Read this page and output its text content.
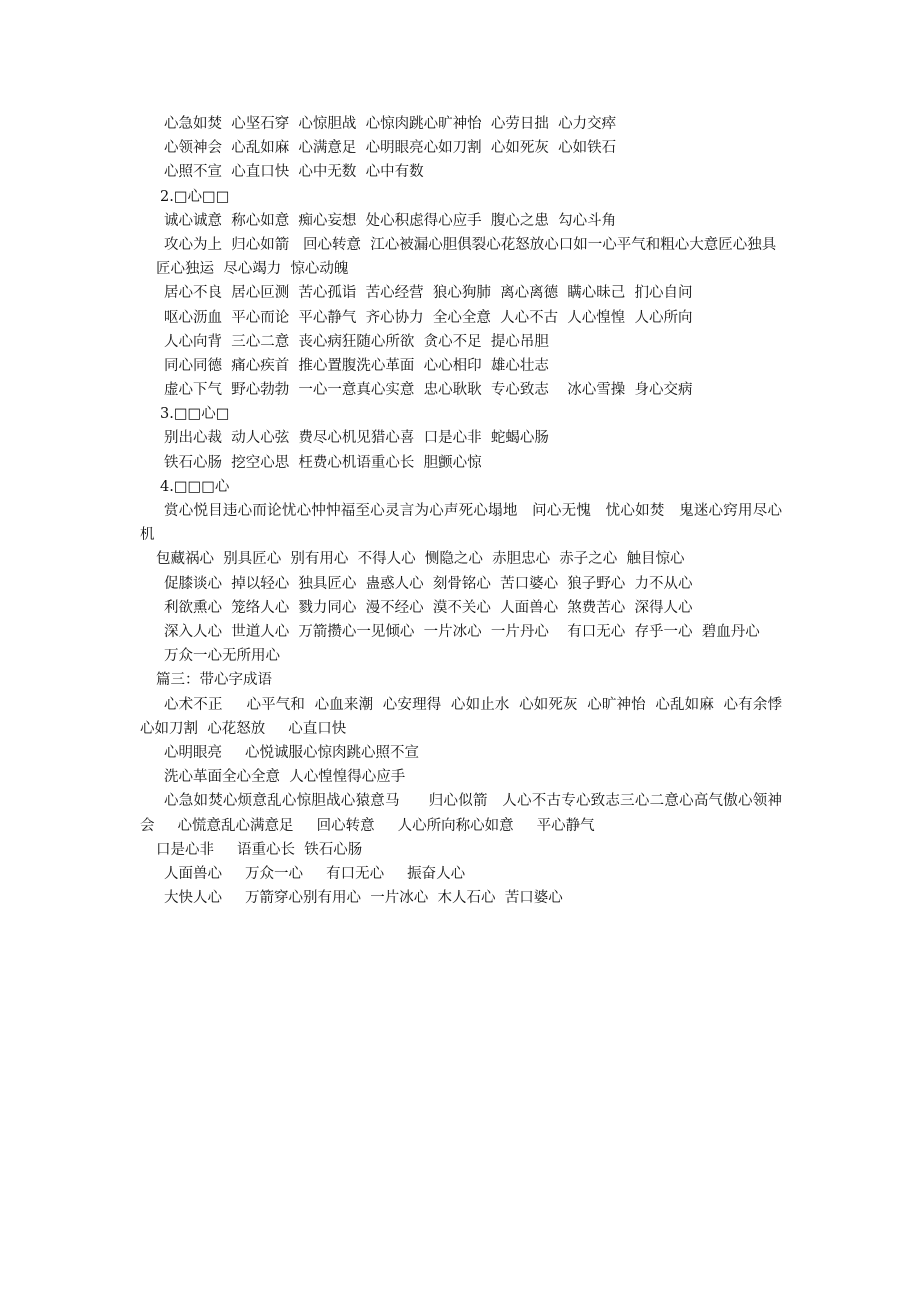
心急如焚  心坚石穿  心惊胆战  心惊肉跳心旷神怡  心劳日拙  心力交瘁
心领神会  心乱如麻  心满意足  心明眼亮心如刀割  心如死灰  心如铁石
心照不宣  心直口快  心中无数  心中有数
2.□心□□
诚心诚意  称心如意  痴心妄想  处心积虑得心应手  腹心之患  勾心斗角
攻心为上  归心如箭   回心转意  江心被漏心胆俱裂心花怒放心口如一心平气和粗心大意匠心独具
匠心独运  尽心竭力  惊心动魄
居心不良  居心叵测  苦心孤诣  苦心经营  狼心狗肺  离心离德  瞒心昧己  扪心自问
呕心沥血  平心而论  平心静气  齐心协力  全心全意  人心不古  人心惶惶  人心所向
人心向背  三心二意  丧心病狂随心所欲  贪心不足  提心吊胆
同心同德  痛心疾首  推心置腹洗心革面  心心相印  雄心壮志
虚心下气  野心勃勃  一心一意真心实意  忠心耿耿  专心致志    冰心雪操  身心交病
3.□□心□
别出心裁  动人心弦  费尽心机见猎心喜  口是心非  蛇蝎心肠
铁石心肠  挖空心思  枉费心机语重心长  胆颤心惊
4.□□□心
赏心悦目违心而论忧心忡忡福至心灵言为心声死心塌地   问心无愧   忧心如焚   鬼迷心窍用尽心机
包藏祸心  别具匠心  别有用心  不得人心  恻隐之心  赤胆忠心  赤子之心  触目惊心
促膝谈心  掉以轻心  独具匠心  蛊惑人心  刻骨铭心  苦口婆心  狼子野心  力不从心
利欲熏心  笼络人心  戮力同心  漫不经心  漠不关心  人面兽心  煞费苦心  深得人心
深入人心  世道人心  万箭攒心一见倾心  一片冰心  一片丹心    有口无心  存乎一心  碧血丹心
万众一心无所用心
篇三：带心字成语
心术不正     心平气和  心血来潮  心安理得  心如止水  心如死灰  心旷神怡  心乱如麻  心有余悸心如刀割  心花怒放     心直口快
心明眼亮     心悦诚服心惊肉跳心照不宣
洗心革面全心全意  人心惶惶得心应手
心急如焚心烦意乱心惊胆战心猿意马      归心似箭   人心不古专心致志三心二意心高气傲心领神会     心慌意乱心满意足     回心转意     人心所向称心如意     平心静气
口是心非     语重心长  铁石心肠
人面兽心     万众一心     有口无心     振奋人心
大快人心     万箭穿心别有用心  一片冰心  木人石心  苦口婆心
